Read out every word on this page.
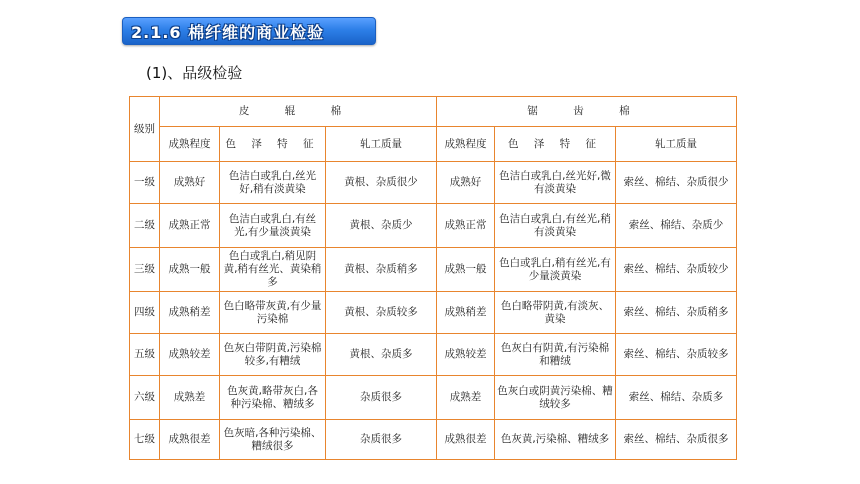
2.1.6 棉纤维的商业检验
(1)、品级检验
级别	皮 辊 棉			锯 齿 棉		
	成熟程度	色 泽 特 征	轧工质量	成熟程度	色 泽 特 征	轧工质量
一级	成熟好	色洁白或乳白,丝光好,稍有淡黄染	黄根、杂质很少	成熟好	色洁白或乳白,丝光好,微有淡黄染	索丝、棉结、杂质很少
二级	成熟正常	色洁白或乳白,有丝光,有少量淡黄染	黄根、杂质少	成熟正常	色洁白或乳白,有丝光,稍有淡黄染	索丝、棉结、杂质少
三级	成熟一般	色白或乳白,稍见阴黄,稍有丝光、黄染稍多	黄根、杂质稍多	成熟一般	色白或乳白,稍有丝光,有少量淡黄染	索丝、棉结、杂质较少
四级	成熟稍差	色白略带灰黄,有少量污染棉	黄根、杂质较多	成熟稍差	色白略带阴黄,有淡灰、黄染	索丝、棉结、杂质稍多
五级	成熟较差	色灰白带阴黄,污染棉较多,有糟绒	黄根、杂质多	成熟较差	色灰白有阴黄,有污染棉和糟绒	索丝、棉结、杂质较多
六级	成熟差	色灰黄,略带灰白,各种污染棉、糟绒多	杂质很多	成熟差	色灰白或阴黄污染棉、糟绒较多	索丝、棉结、杂质多
七级	成熟很差	色灰暗,各种污染棉、糟绒很多	杂质很多	成熟很差	色灰黄,污染棉、糟绒多	索丝、棉结、杂质很多
